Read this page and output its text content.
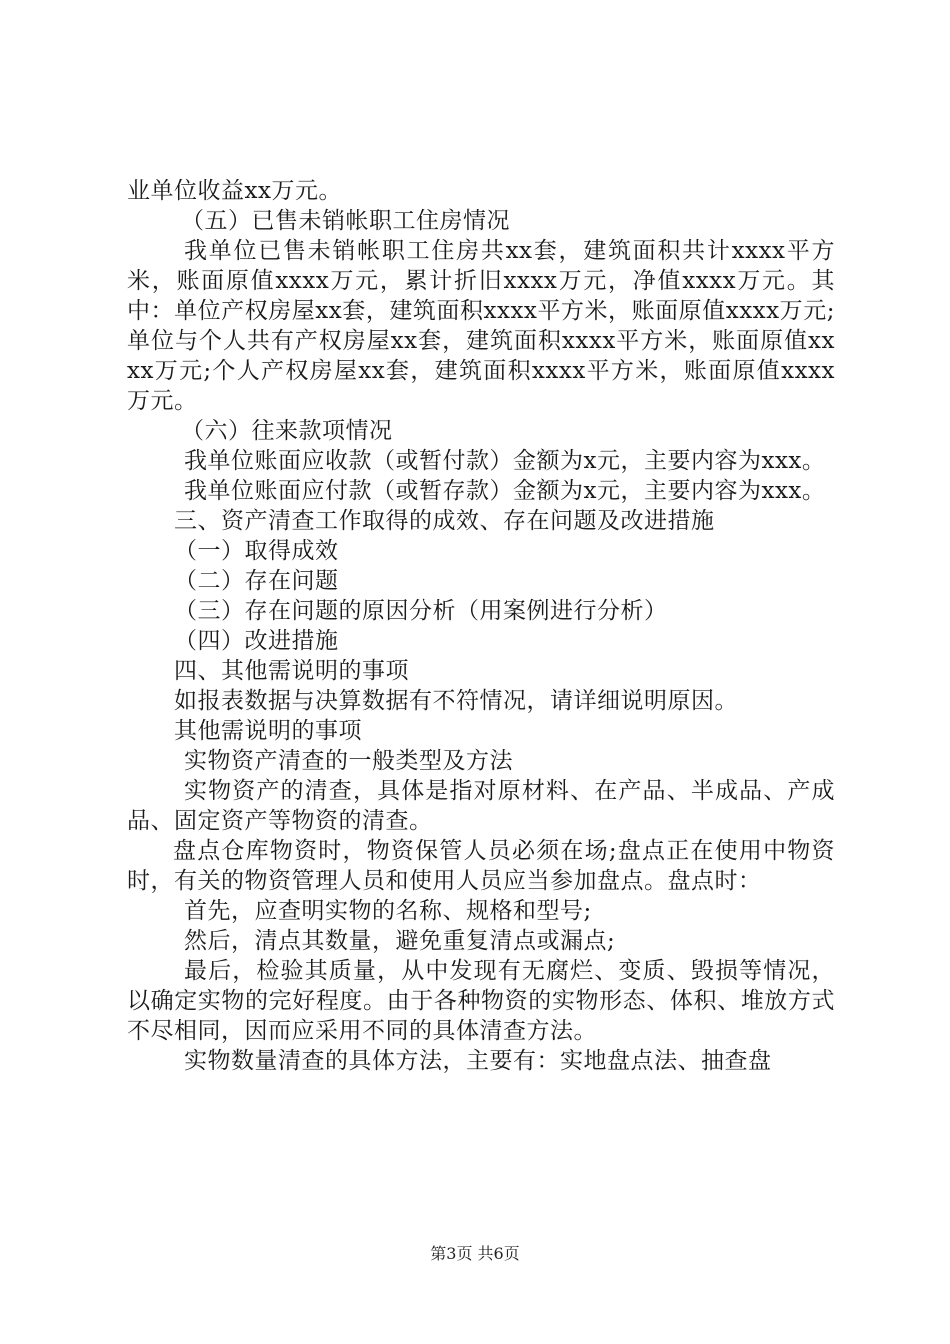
业单位收益xx万元。

（五）已售未销帐职工住房情况

我单位已售未销帐职工住房共xx套，建筑面积共计xxxx平方米，账面原值xxxx万元，累计折旧xxxx万元，净值xxxx万元。其中：单位产权房屋xx套，建筑面积xxxx平方米，账面原值xxxx万元;单位与个人共有产权房屋xx套，建筑面积xxxx平方米，账面原值xxxx万元;个人产权房屋xx套，建筑面积xxxx平方米，账面原值xxxx万元。

（六）往来款项情况

我单位账面应收款（或暂付款）金额为x元，主要内容为xxx。

我单位账面应付款（或暂存款）金额为x元，主要内容为xxx。

三、资产清查工作取得的成效、存在问题及改进措施

（一）取得成效

（二）存在问题

（三）存在问题的原因分析（用案例进行分析）

（四）改进措施

四、其他需说明的事项

如报表数据与决算数据有不符情况，请详细说明原因。

其他需说明的事项

实物资产清查的一般类型及方法

实物资产的清查，具体是指对原材料、在产品、半成品、产成品、固定资产等物资的清查。

盘点仓库物资时，物资保管人员必须在场;盘点正在使用中物资时，有关的物资管理人员和使用人员应当参加盘点。盘点时：

首先，应查明实物的名称、规格和型号;

然后，清点其数量，避免重复清点或漏点;

最后，检验其质量，从中发现有无腐烂、变质、毁损等情况，以确定实物的完好程度。由于各种物资的实物形态、体积、堆放方式不尽相同，因而应采用不同的具体清查方法。

实物数量清查的具体方法，主要有：实地盘点法、抽查盘

第3页 共6页
